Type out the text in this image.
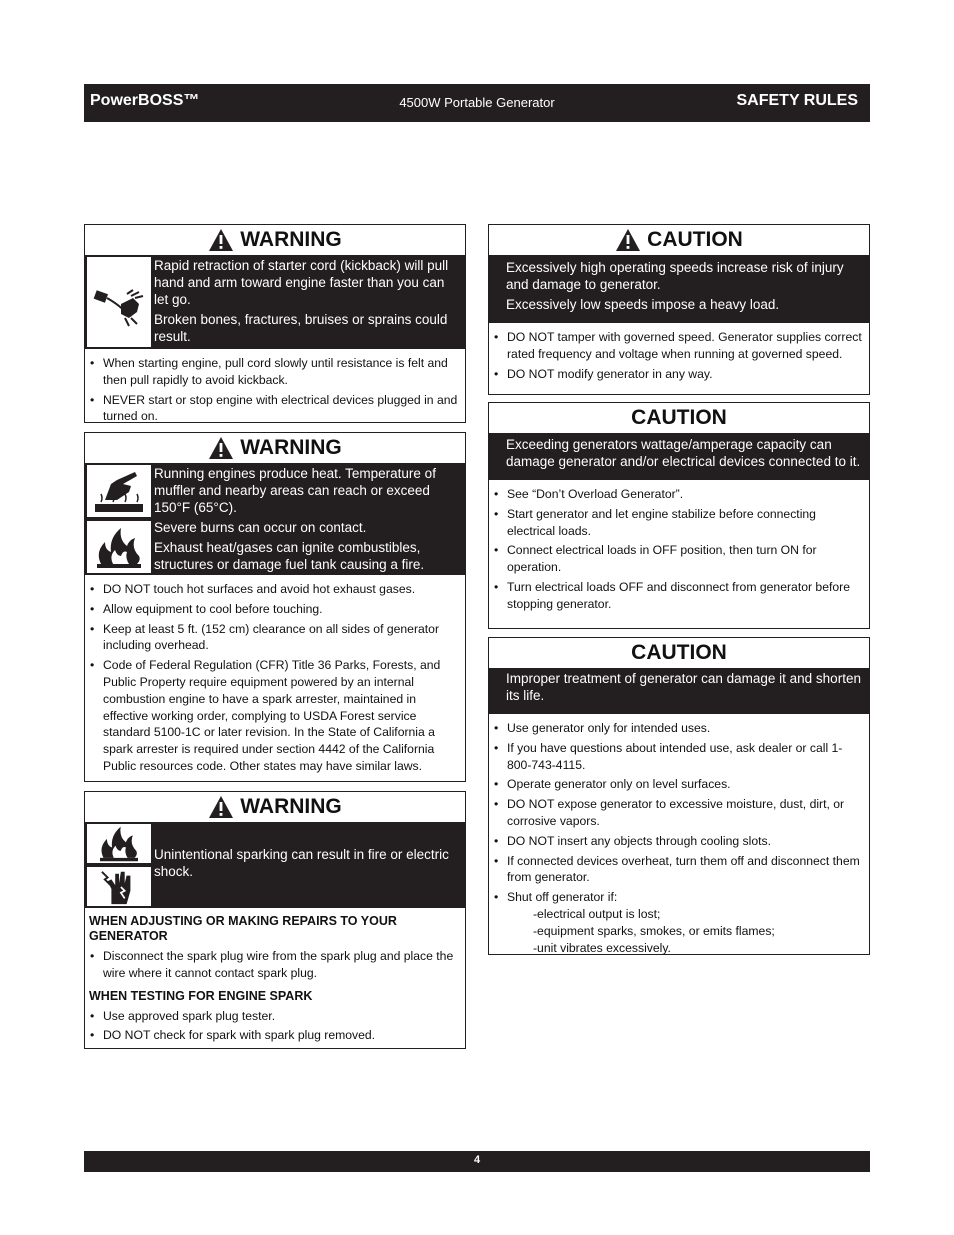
PowerBOSS™	4500W Portable Generator	SAFETY RULES
WARNING

Rapid retraction of starter cord (kickback) will pull hand and arm toward engine faster than you can let go.

Broken bones, fractures, bruises or sprains could result.

• When starting engine, pull cord slowly until resistance is felt and then pull rapidly to avoid kickback.
• NEVER start or stop engine with electrical devices plugged in and turned on.
WARNING

Running engines produce heat. Temperature of muffler and nearby areas can reach or exceed 150°F (65°C).

Severe burns can occur on contact.

Exhaust heat/gases can ignite combustibles, structures or damage fuel tank causing a fire.

• DO NOT touch hot surfaces and avoid hot exhaust gases.
• Allow equipment to cool before touching.
• Keep at least 5 ft. (152 cm) clearance on all sides of generator including overhead.
• Code of Federal Regulation (CFR) Title 36 Parks, Forests, and Public Property require equipment powered by an internal combustion engine to have a spark arrester, maintained in effective working order, complying to USDA Forest service standard 5100-1C or later revision. In the State of California a spark arrester is required under section 4442 of the California Public resources code. Other states may have similar laws.
WARNING

Unintentional sparking can result in fire or electric shock.

WHEN ADJUSTING OR MAKING REPAIRS TO YOUR GENERATOR
• Disconnect the spark plug wire from the spark plug and place the wire where it cannot contact spark plug.
WHEN TESTING FOR ENGINE SPARK
• Use approved spark plug tester.
• DO NOT check for spark with spark plug removed.
CAUTION

Excessively high operating speeds increase risk of injury and damage to generator.

Excessively low speeds impose a heavy load.

• DO NOT tamper with governed speed. Generator supplies correct rated frequency and voltage when running at governed speed.
• DO NOT modify generator in any way.
CAUTION

Exceeding generators wattage/amperage capacity can damage generator and/or electrical devices connected to it.

• See “Don’t Overload Generator”.
• Start generator and let engine stabilize before connecting electrical loads.
• Connect electrical loads in OFF position, then turn ON for operation.
• Turn electrical loads OFF and disconnect from generator before stopping generator.
CAUTION

Improper treatment of generator can damage it and shorten its life.

• Use generator only for intended uses.
• If you have questions about intended use, ask dealer or call 1-800-743-4115.
• Operate generator only on level surfaces.
• DO NOT expose generator to excessive moisture, dust, dirt, or corrosive vapors.
• DO NOT insert any objects through cooling slots.
• If connected devices overheat, turn them off and disconnect them from generator.
• Shut off generator if:
-electrical output is lost;
-equipment sparks, smokes, or emits flames;
-unit vibrates excessively.
4
